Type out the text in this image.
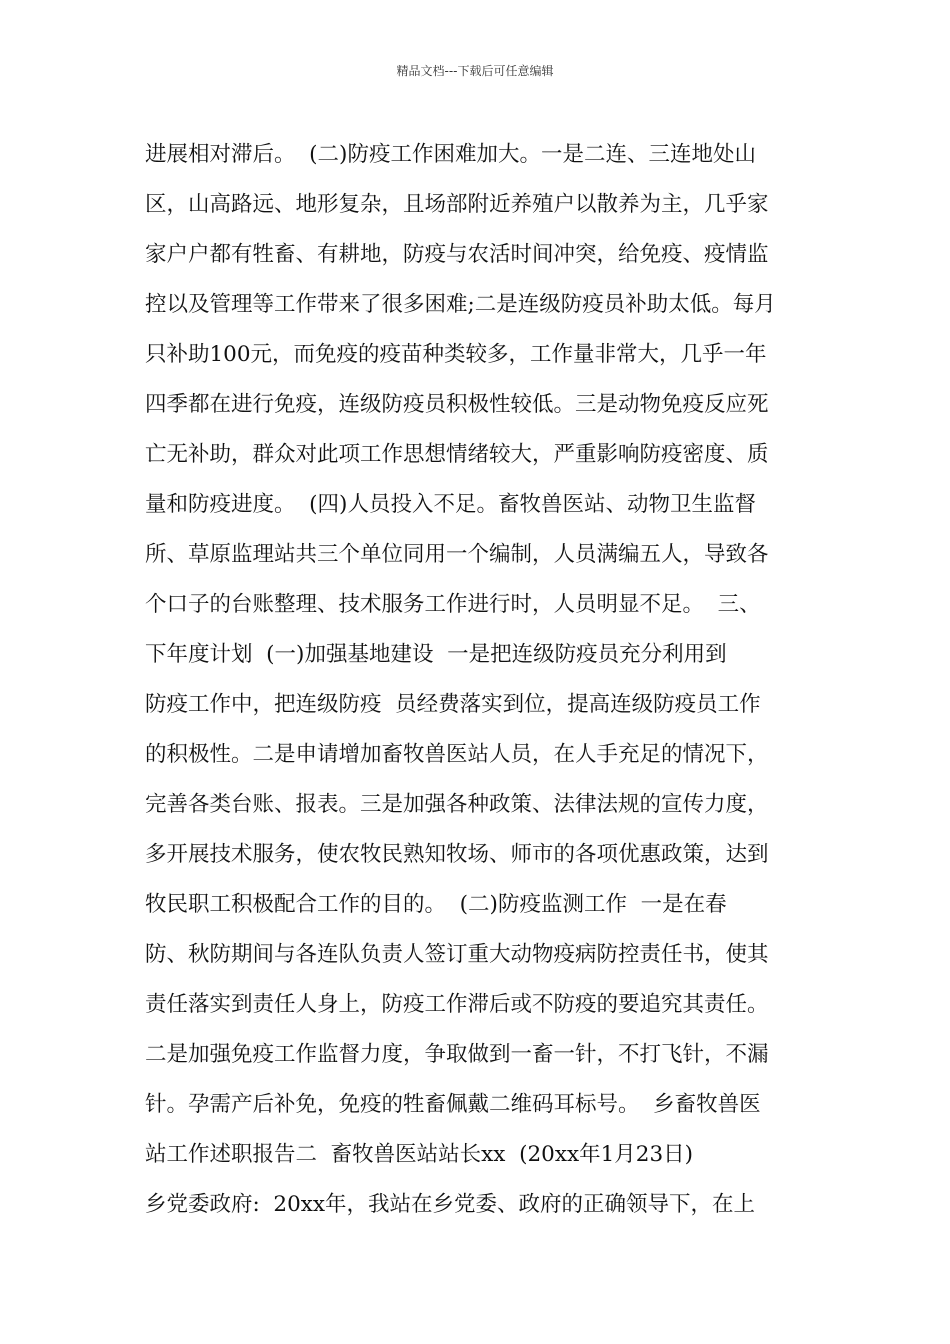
精品文档---下载后可任意编辑
进展相对滞后。  (二)防疫工作困难加大。一是二连、三连地处山
区，山高路远、地形复杂，且场部附近养殖户以散养为主，几乎家
家户户都有牲畜、有耕地，防疫与农活时间冲突，给免疫、疫情监
控以及管理等工作带来了很多困难;二是连级防疫员补助太低。每月
只补助100元，而免疫的疫苗种类较多，工作量非常大，几乎一年
四季都在进行免疫，连级防疫员积极性较低。三是动物免疫反应死
亡无补助，群众对此项工作思想情绪较大，严重影响防疫密度、质
量和防疫进度。  (四)人员投入不足。畜牧兽医站、动物卫生监督
所、草原监理站共三个单位同用一个编制，人员满编五人，导致各
个口子的台账整理、技术服务工作进行时，人员明显不足。  三、
下年度计划  (一)加强基地建设  一是把连级防疫员充分利用到
防疫工作中，把连级防疫  员经费落实到位，提高连级防疫员工作
的积极性。二是申请增加畜牧兽医站人员，在人手充足的情况下，
完善各类台账、报表。三是加强各种政策、法律法规的宣传力度，
多开展技术服务，使农牧民熟知牧场、师市的各项优惠政策，达到
牧民职工积极配合工作的目的。  (二)防疫监测工作  一是在春
防、秋防期间与各连队负责人签订重大动物疫病防控责任书，使其
责任落实到责任人身上，防疫工作滞后或不防疫的要追究其责任。
二是加强免疫工作监督力度，争取做到一畜一针，不打飞针，不漏
针。孕需产后补免，免疫的牲畜佩戴二维码耳标号。  乡畜牧兽医
站工作述职报告二  畜牧兽医站站长xx  (20xx年1月23日)
乡党委政府:  20xx年，我站在乡党委、政府的正确领导下，在上
